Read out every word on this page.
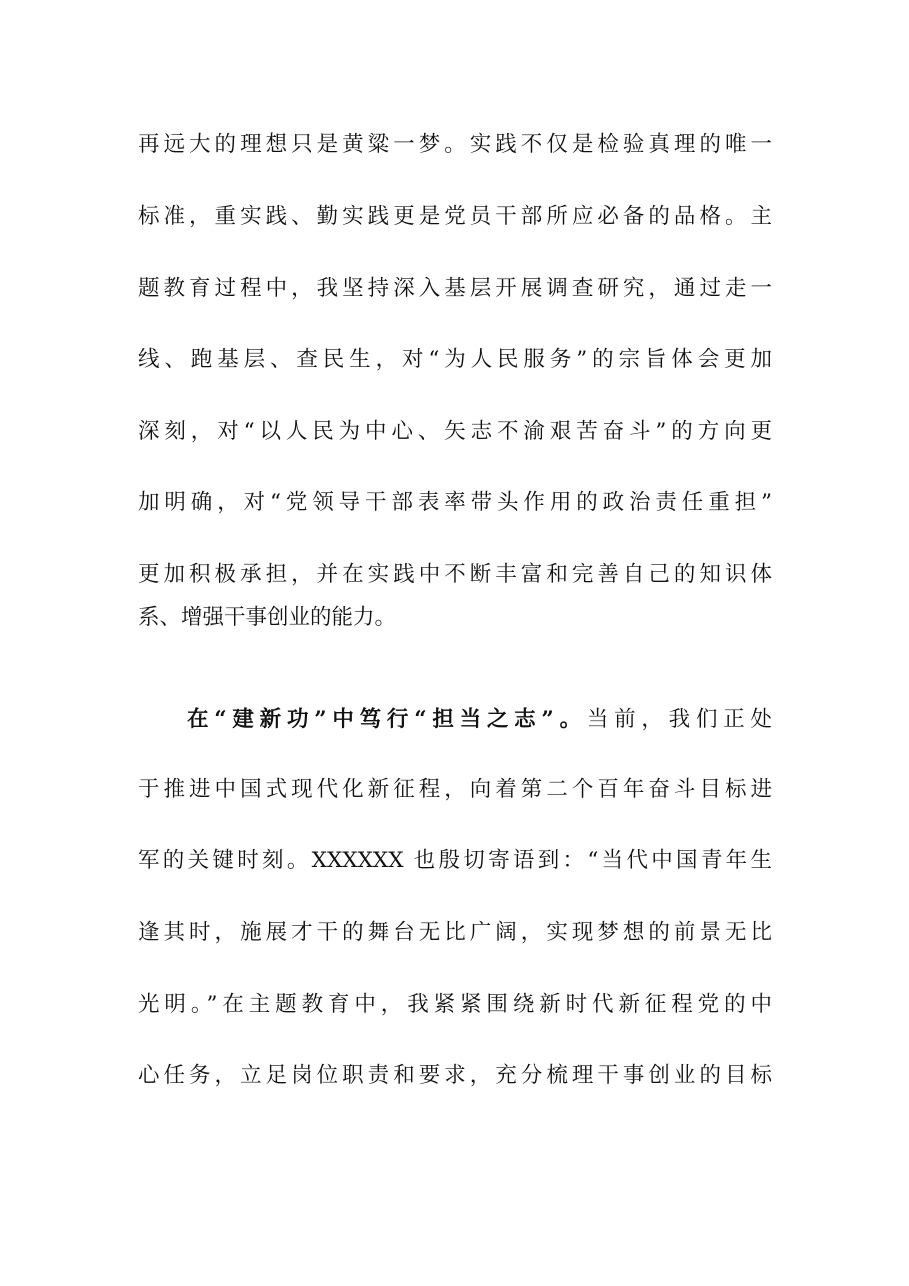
再远大的理想只是黄粱一梦。实践不仅是检验真理的唯一
标准，重实践、勤实践更是党员干部所应必备的品格。主
题教育过程中，我坚持深入基层开展调查研究，通过走一
线、跑基层、查民生，对“为人民服务”的宗旨体会更加
深刻，对“以人民为中心、矢志不渝艰苦奋斗”的方向更
加明确，对“党领导干部表率带头作用的政治责任重担”
更加积极承担，并在实践中不断丰富和完善自己的知识体
系、增强干事创业的能力。
在“建新功”中笃行“担当之志”。当前，我们正处
于推进中国式现代化新征程，向着第二个百年奋斗目标进
军的关键时刻。XXXXXX 也殷切寄语到：“当代中国青年生
逢其时，施展才干的舞台无比广阔，实现梦想的前景无比
光明。”在主题教育中，我紧紧围绕新时代新征程党的中
心任务，立足岗位职责和要求，充分梳理干事创业的目标
